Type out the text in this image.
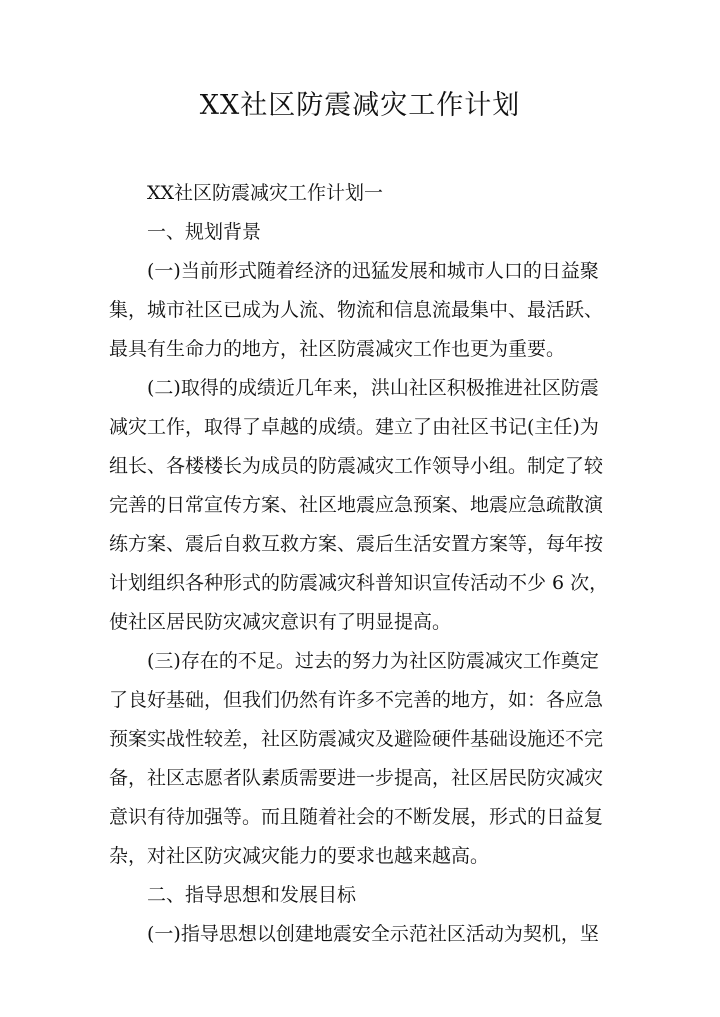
XX社区防震减灾工作计划

XX社区防震减灾工作计划一

一、规划背景

(一)当前形式随着经济的迅猛发展和城市人口的日益聚

集，城市社区已成为人流、物流和信息流最集中、最活跃、

最具有生命力的地方，社区防震减灾工作也更为重要。

(二)取得的成绩近几年来，洪山社区积极推进社区防震

减灾工作，取得了卓越的成绩。建立了由社区书记(主任)为

组长、各楼楼长为成员的防震减灾工作领导小组。制定了较

完善的日常宣传方案、社区地震应急预案、地震应急疏散演

练方案、震后自救互救方案、震后生活安置方案等，每年按

计划组织各种形式的防震减灾科普知识宣传活动不少 6 次，

使社区居民防灾减灾意识有了明显提高。

(三)存在的不足。过去的努力为社区防震减灾工作奠定

了良好基础，但我们仍然有许多不完善的地方，如：各应急

预案实战性较差，社区防震减灾及避险硬件基础设施还不完

备，社区志愿者队素质需要进一步提高，社区居民防灾减灾

意识有待加强等。而且随着社会的不断发展，形式的日益复

杂，对社区防灾减灾能力的要求也越来越高。

二、指导思想和发展目标

(一)指导思想以创建地震安全示范社区活动为契机，坚
